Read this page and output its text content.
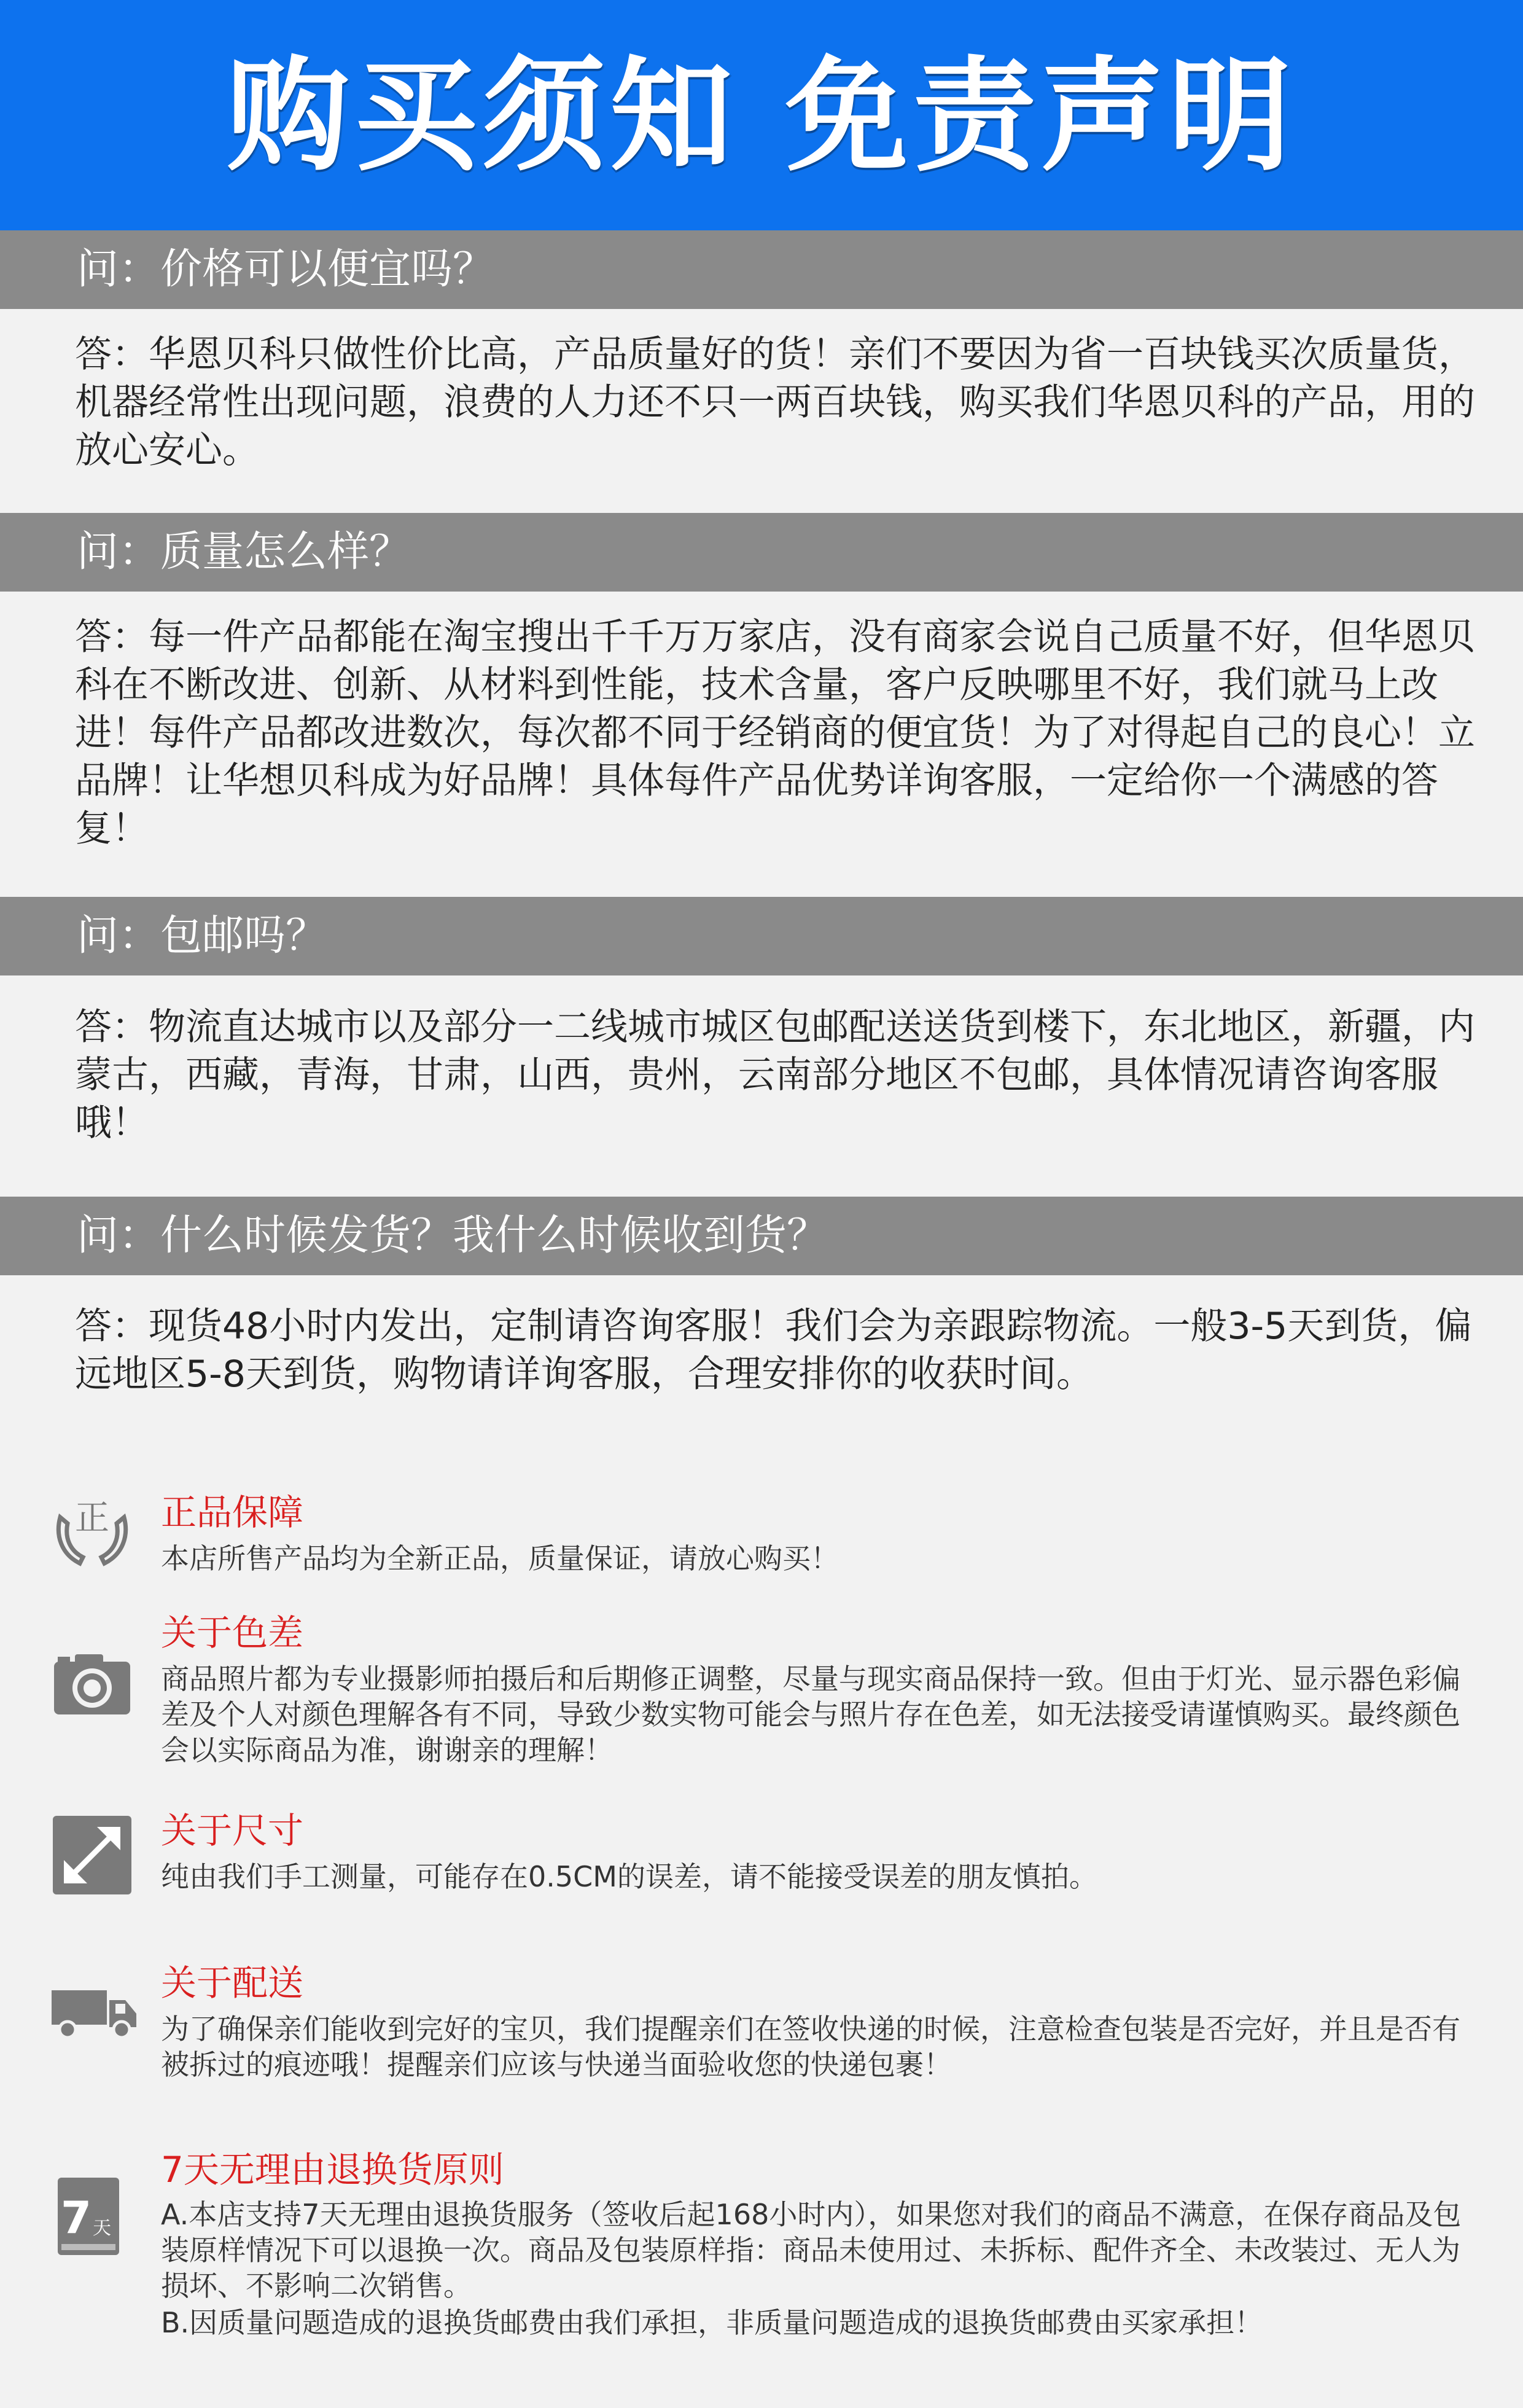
购买须知 免责声明
问：价格可以便宜吗？
答：华恩贝科只做性价比高，产品质量好的货！亲们不要因为省一百块钱买次质量货，机器经常性出现问题，浪费的人力还不只一两百块钱，购买我们华恩贝科的产品，用的放心安心。
问：质量怎么样？
答：每一件产品都能在淘宝搜出千千万万家店，没有商家会说自己质量不好，但华恩贝科在不断改进、创新、从材料到性能，技术含量，客户反映哪里不好，我们就马上改进！每件产品都改进数次，每次都不同于经销商的便宜货！为了对得起自己的良心！立品牌！让华想贝科成为好品牌！具体每件产品优势详询客服，一定给你一个满感的答复！
问：包邮吗？
答：物流直达城市以及部分一二线城市城区包邮配送送货到楼下，东北地区，新疆，内蒙古，西藏，青海，甘肃，山西，贵州，云南部分地区不包邮，具体情况请咨询客服哦！
问：什么时候发货？我什么时候收到货？
答：现货48小时内发出，定制请咨询客服！我们会为亲跟踪物流。一般3-5天到货，偏远地区5-8天到货，购物请详询客服，合理安排你的收获时间。
正 正品保障
本店所售产品均为全新正品，质量保证，请放心购买！
关于色差
商品照片都为专业摄影师拍摄后和后期修正调整，尽量与现实商品保持一致。但由于灯光、显示器色彩偏差及个人对颜色理解各有不同，导致少数实物可能会与照片存在色差，如无法接受请谨慎购买。最终颜色会以实际商品为准，谢谢亲的理解！
关于尺寸
纯由我们手工测量，可能存在0.5CM的误差，请不能接受误差的朋友慎拍。
关于配送
为了确保亲们能收到完好的宝贝，我们提醒亲们在签收快递的时候，注意检查包装是否完好，并且是否有被拆过的痕迹哦！提醒亲们应该与快递当面验收您的快递包裹！
7 天
7天无理由退换货原则
A.本店支持7天无理由退换货服务（签收后起168小时内），如果您对我们的商品不满意，在保存商品及包装原样情况下可以退换一次。商品及包装原样指：商品未使用过、未拆标、配件齐全、未改装过、无人为损坏、不影响二次销售。
B.因质量问题造成的退换货邮费由我们承担，非质量问题造成的退换货邮费由买家承担！
